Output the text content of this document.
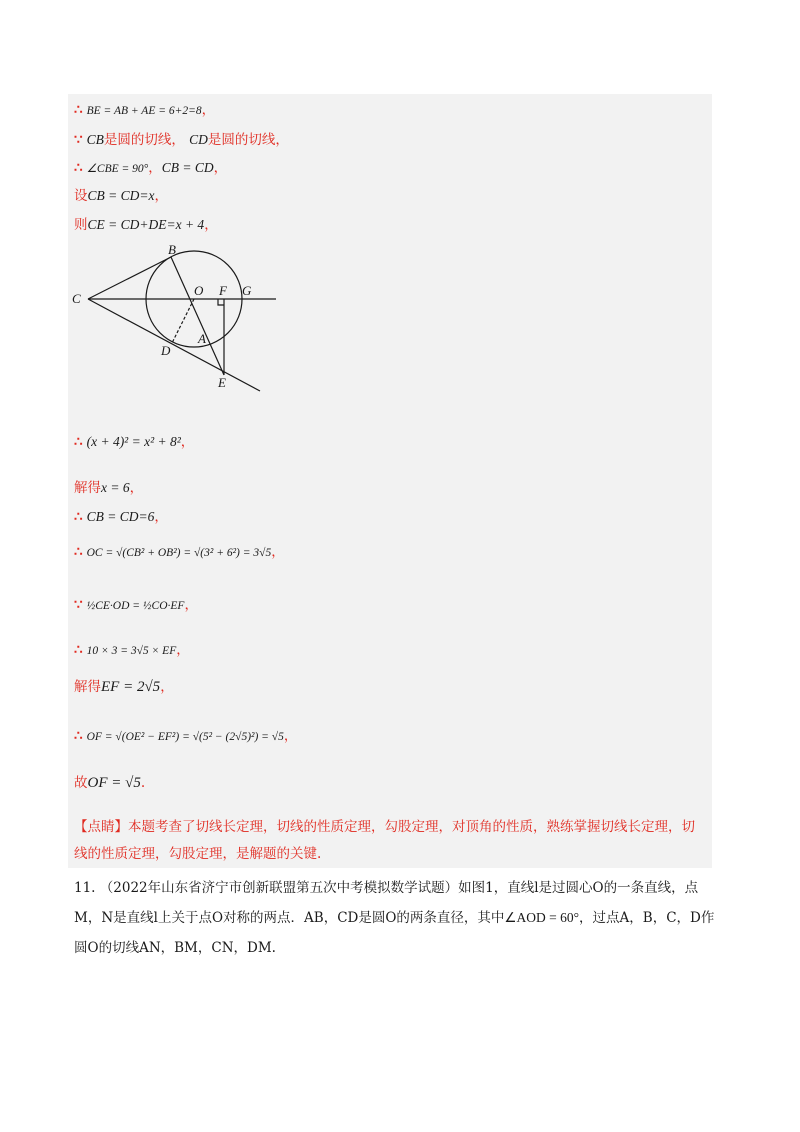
∴ BE = AB + AE = 6+2=8，
∵ CB是圆的切线， CD是圆的切线，
∴ ∠CBE = 90°，CB = CD，
设CB = CD=x，
则CE = CD+DE=x + 4，
B
C
O F G
D
A
E
∴ (x + 4)² = x² + 8²，
解得x = 6，
∴ CB = CD=6，
∴ OC = √(CB² + OB²) = √(3² + 6²) = 3√5，
∵ ½CE·OD = ½CO·EF，
∴ 10 × 3 = 3√5 × EF，
解得EF = 2√5，
∴ OF = √(OE² − EF²) = √(5² − (2√5)²) = √5，
故OF = √5.
【点睛】本题考查了切线长定理，切线的性质定理，勾股定理，对顶角的性质，熟练掌握切线长定理，切线的性质定理，勾股定理，是解题的关键.
11. （2022年山东省济宁市创新联盟第五次中考模拟数学试题）如图1，直线l是过圆心O的一条直线，点M，N是直线l上关于点O对称的两点．AB，CD是圆O的两条直径，其中∠AOD = 60°，过点A，B，C，D作圆O的切线AN，BM，CN，DM.
